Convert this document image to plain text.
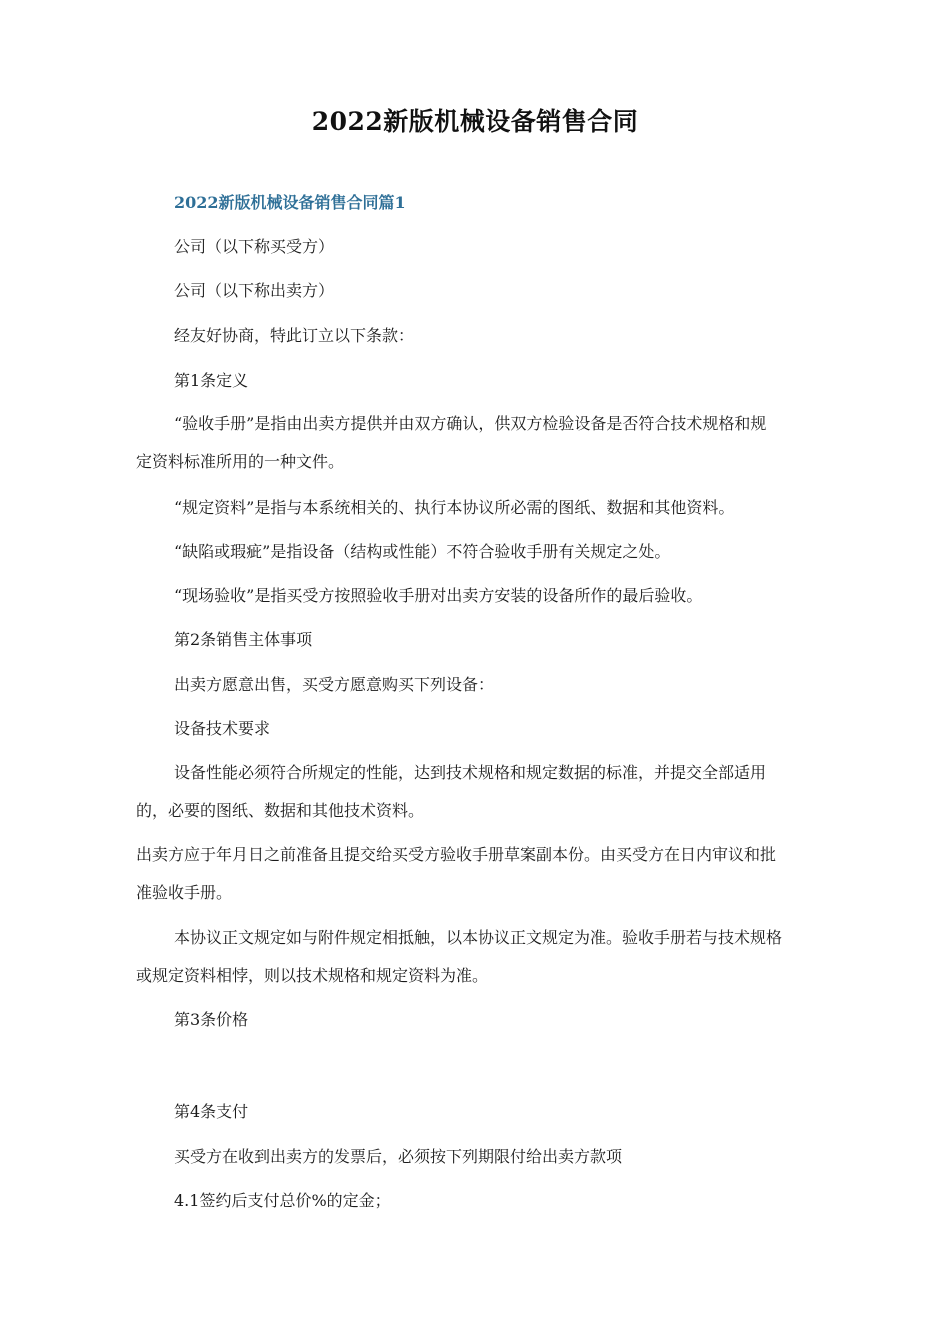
2022新版机械设备销售合同
2022新版机械设备销售合同篇1
公司（以下称买受方）
公司（以下称出卖方）
经友好协商，特此订立以下条款：
第1条定义
“验收手册”是指由出卖方提供并由双方确认，供双方检验设备是否符合技术规格和规
定资料标准所用的一种文件。
“规定资料”是指与本系统相关的、执行本协议所必需的图纸、数据和其他资料。
“缺陷或瑕疵”是指设备（结构或性能）不符合验收手册有关规定之处。
“现场验收”是指买受方按照验收手册对出卖方安装的设备所作的最后验收。
第2条销售主体事项
出卖方愿意出售，买受方愿意购买下列设备：
设备技术要求
设备性能必须符合所规定的性能，达到技术规格和规定数据的标准，并提交全部适用
的，必要的图纸、数据和其他技术资料。
出卖方应于年月日之前准备且提交给买受方验收手册草案副本份。由买受方在日内审议和批
准验收手册。
本协议正文规定如与附件规定相抵触，以本协议正文规定为准。验收手册若与技术规格
或规定资料相悖，则以技术规格和规定资料为准。
第3条价格
第4条支付
买受方在收到出卖方的发票后，必须按下列期限付给出卖方款项
4.1签约后支付总价%的定金；
